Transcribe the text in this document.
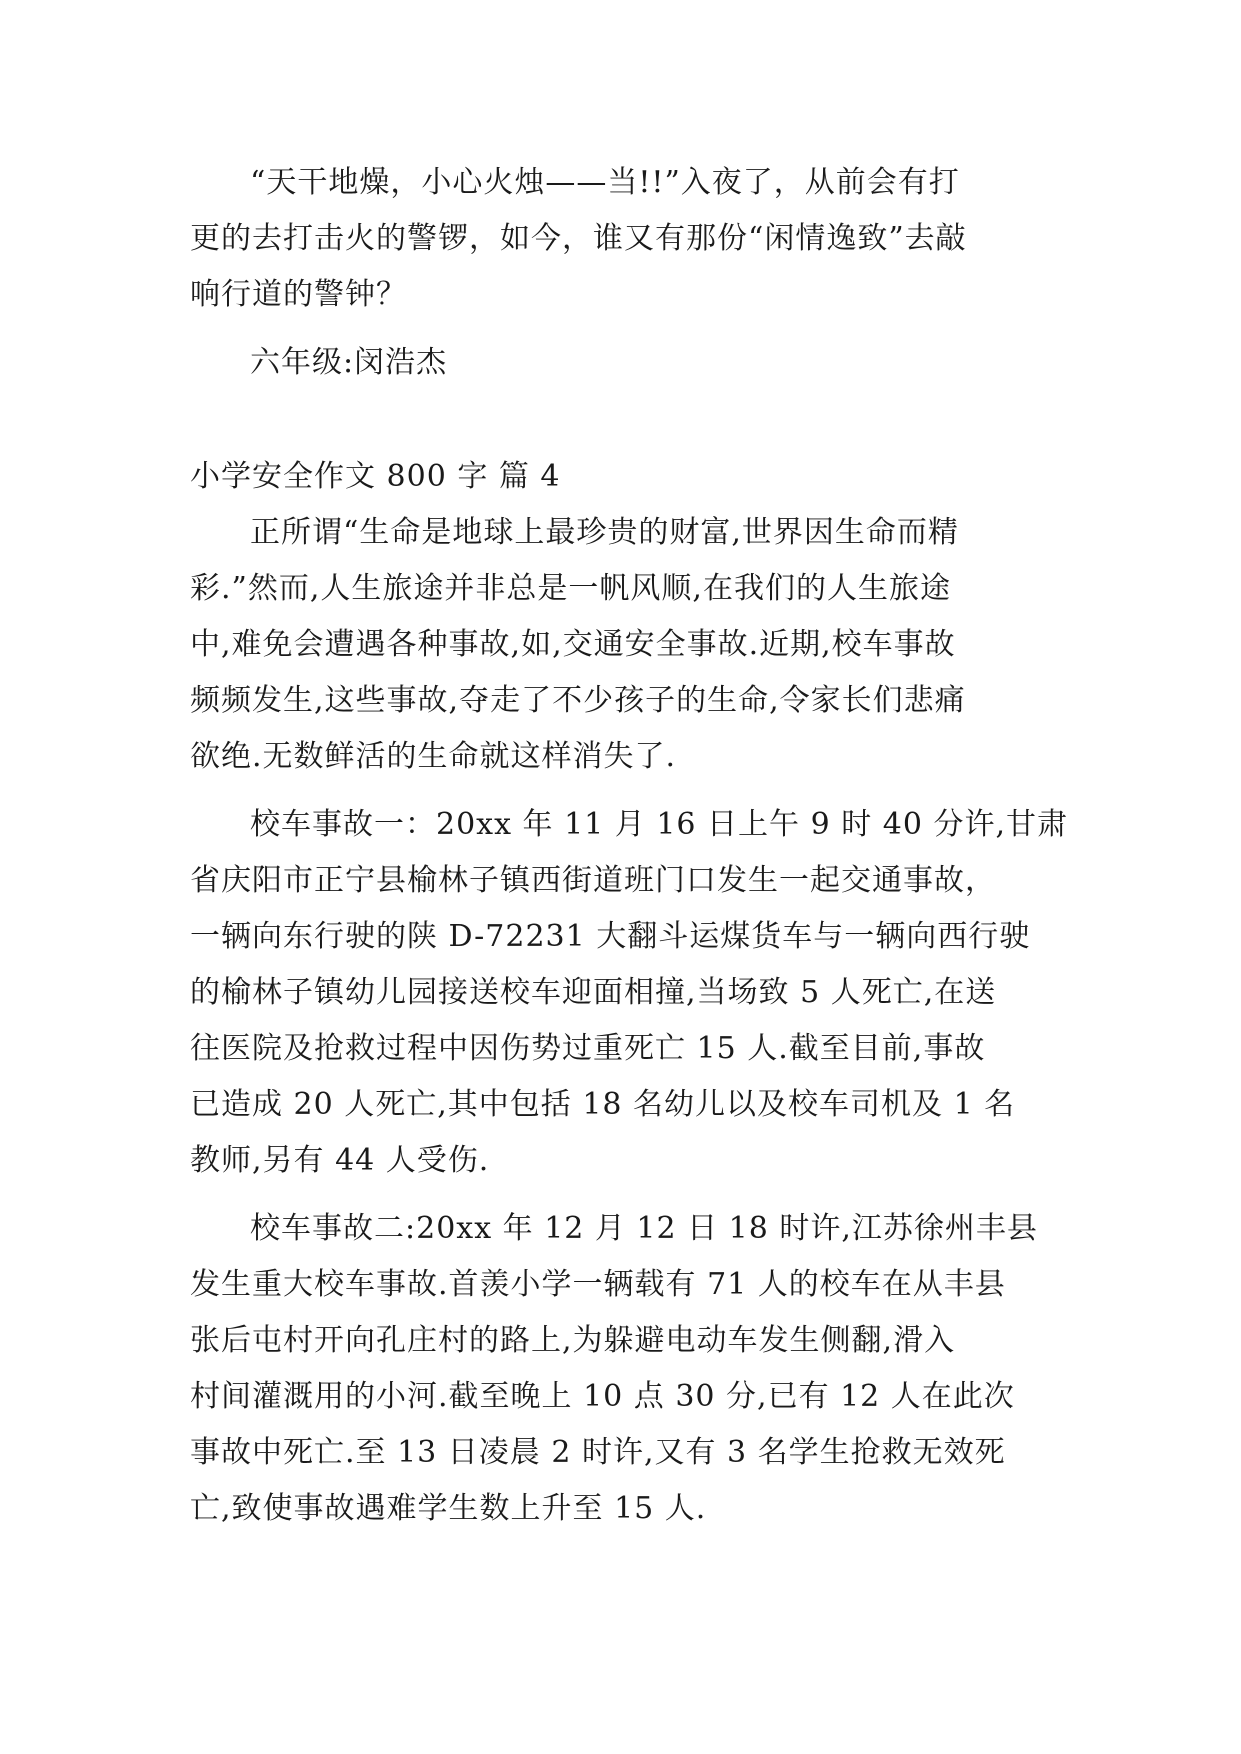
“天干地燥，小心火烛——当!!”入夜了，从前会有打
更的去打击火的警锣，如今，谁又有那份“闲情逸致”去敲
响行道的警钟？

六年级:闵浩杰

小学安全作文 800 字 篇 4

正所谓“生命是地球上最珍贵的财富,世界因生命而精
彩.”然而,人生旅途并非总是一帆风顺,在我们的人生旅途
中,难免会遭遇各种事故,如,交通安全事故.近期,校车事故
频频发生,这些事故,夺走了不少孩子的生命,令家长们悲痛
欲绝.无数鲜活的生命就这样消失了.

校车事故一：20xx 年 11 月 16 日上午 9 时 40 分许,甘肃
省庆阳市正宁县榆林子镇西街道班门口发生一起交通事故，
一辆向东行驶的陕 D-72231 大翻斗运煤货车与一辆向西行驶
的榆林子镇幼儿园接送校车迎面相撞,当场致 5 人死亡,在送
往医院及抢救过程中因伤势过重死亡 15 人.截至目前,事故
已造成 20 人死亡,其中包括 18 名幼儿以及校车司机及 1 名
教师,另有 44 人受伤.

校车事故二:20xx 年 12 月 12 日 18 时许,江苏徐州丰县
发生重大校车事故.首羡小学一辆载有 71 人的校车在从丰县
张后屯村开向孔庄村的路上,为躲避电动车发生侧翻,滑入
村间灌溉用的小河.截至晚上 10 点 30 分,已有 12 人在此次
事故中死亡.至 13 日凌晨 2 时许,又有 3 名学生抢救无效死
亡,致使事故遇难学生数上升至 15 人.
